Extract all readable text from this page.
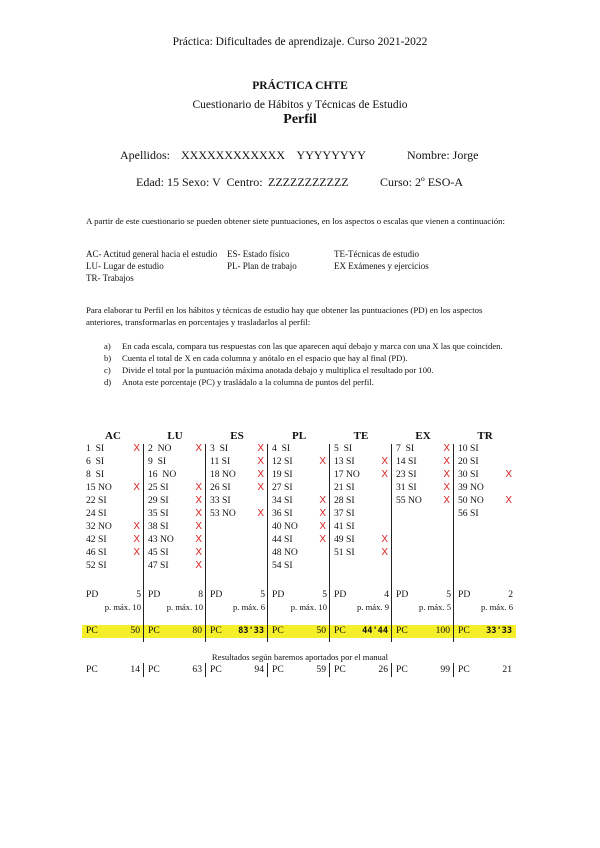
Práctica: Dificultades de aprendizaje. Curso 2021-2022
PRÁCTICA CHTE
Cuestionario de Hábitos y Técnicas de Estudio
Perfil
Apellidos: XXXXXXXXXXXX    YYYYYYYY	Nombre: Jorge
Edad: 15 Sexo: V  Centro: ZZZZZZZZZZZ	Curso: 2º ESO-A
A partir de este cuestionario se pueden obtener siete puntuaciones, en los aspectos o escalas que vienen a continuación:
AC- Actitud general hacia el estudio ES- Estado físico	TE-Técnicas de estudio
LU- Lugar de estudio	PL- Plan de trabajo	EX Exámenes y ejercicios
TR- Trabajos
Para elaborar tu Perfil en los hábitos y técnicas de estudio hay que obtener las puntuaciones (PD) en los aspectos anteriores, transformarlas en porcentajes y trasladarlos al perfil:
a) En cada escala, compara tus respuestas con las que aparecen aquí debajo y marca con una X las que coinciden.
b) Cuenta el total de X en cada columna y anótalo en el espacio que hay al final (PD).
c) Divide el total por la puntuación máxima anotada debajo y multiplica el resultado por 100.
d) Anota este porcentaje (PC) y trasládalo a la columna de puntos del perfil.
AC
1  SI	X
6  SI
8  SI
15 NO X
22 SI
24 SI
32 NO X
42 SI	X
46 SI	X
52 SI
PD	5
p. máx. 10
PC	50
PC	14
LU
2  NO X
9  SI
16  NO
25 SI	X
29 SI	X
35 SI	X
38 SI	X
43 NO X
45 SI	X
47 SI	X
PD	8
p. máx. 10
PC	80
PC	63
ES
3  SI	X
11 SI	X
18 NO X
26 SI	X
33 SI
53 NO X
PD	5
p. máx. 6
PC 83'33
PC	94
PL
4  SI
12 SI	X
19 SI
27 SI
34 SI	X
36 SI	X
40 NO X
44 SI	X
48 NO
54 SI
PD	5
p. máx. 10
PC	50
PC	59
TE
5  SI
13 SI	X
17 NO X
21 SI
28 SI
37 SI
41 SI
49 SI	X
51 SI	X
PD	4
p. máx. 9
PC 44'44
PC	26
EX
7  SI	X
14 SI	X
23 SI	X
31 SI	X
55 NO X
PD	5
p. máx. 5
PC	100
PC	99
TR
10 SI
20 SI
30 SI	X
39 NO
50 NO X
56 SI
PD	2
p. máx. 6
PC 33'33
PC	21
Resultados según baremos aportados por el manual
